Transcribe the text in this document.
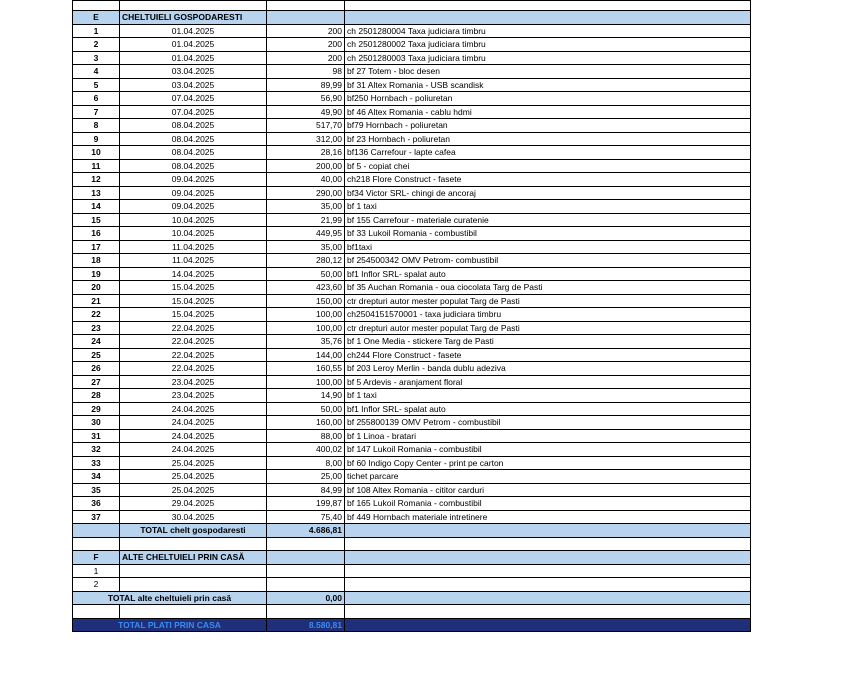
E	CHELTUIELI GOSPODARESTI		
1	01.04.2025	200	ch 2501280004 Taxa judiciara timbru
2	01.04.2025	200	ch 2501280002 Taxa judiciara timbru
3	01.04.2025	200	ch 2501280003 Taxa judiciara timbru
4	03.04.2025	98	bf 27 Totem - bloc desen
5	03.04.2025	89,99	bf 31 Altex Romania - USB scandisk
6	07.04.2025	56,90	bf250 Hornbach - poliuretan
7	07.04.2025	49,90	bf 46 Altex Romania - cablu hdmi
8	08.04.2025	517,70	bf79 Hornbach - poliuretan
9	08.04.2025	312,00	bf 23 Hornbach - poliuretan
10	08.04.2025	28,16	bf136 Carrefour - lapte cafea
11	08.04.2025	200,00	bf 5 - copiat chei
12	09.04.2025	40,00	ch218 Flore Construct - fasete
13	09.04.2025	290,00	bf34 Victor SRL- chingi de ancoraj
14	09.04.2025	35,00	bf 1 taxi
15	10.04.2025	21,99	bf 155 Carrefour - materiale curatenie
16	10.04.2025	449,95	bf 33 Lukoil Romania - combustibil
17	11.04.2025	35,00	bf1taxi
18	11.04.2025	280,12	bf 254500342 OMV Petrom- combustibil
19	14.04.2025	50,00	bf1 Inflor SRL- spalat auto
20	15.04.2025	423,60	bf 35 Auchan Romania - oua ciocolata Targ de Pasti
21	15.04.2025	150,00	ctr drepturi autor mester populat Targ de Pasti
22	15.04.2025	100,00	ch2504151570001 - taxa judiciara timbru
23	22.04.2025	100,00	ctr drepturi autor mester populat Targ de Pasti
24	22.04.2025	35,76	bf 1 One Media - stickere Targ de Pasti
25	22.04.2025	144,00	ch244 Flore Construct - fasete
26	22.04.2025	160,55	bf 203 Leroy Merlin - banda dublu adeziva
27	23.04.2025	100,00	bf 5 Ardevis - aranjament floral
28	23.04.2025	14,90	bf 1 taxi
29	24.04.2025	50,00	bf1 Inflor SRL- spalat auto
30	24.04.2025	160,00	bf 255800139 OMV Petrom - combustibil
31	24.04.2025	88,00	bf 1 Linoa - bratari
32	24.04.2025	400,02	bf 147 Lukoil Romania - combustibil
33	25.04.2025	8,00	bf 60 Indigo Copy Center - print pe carton
34	25.04.2025	25,00	tichet parcare
35	25.04.2025	84,99	bf 108 Altex Romania - cititor carduri
36	29.04.2025	199,87	bf 165 Lukoil Romania - combustibil
37	30.04.2025	75,40	bf 449 Hornbach materiale intretinere
	TOTAL chelt gospodaresti	4.686,81	

F	ALTE CHELTUIELI PRIN CASĂ		
1			
2			
TOTAL alte cheltuieli prin casă		0,00	

TOTAL PLATI PRIN CASA		8.580,81	
